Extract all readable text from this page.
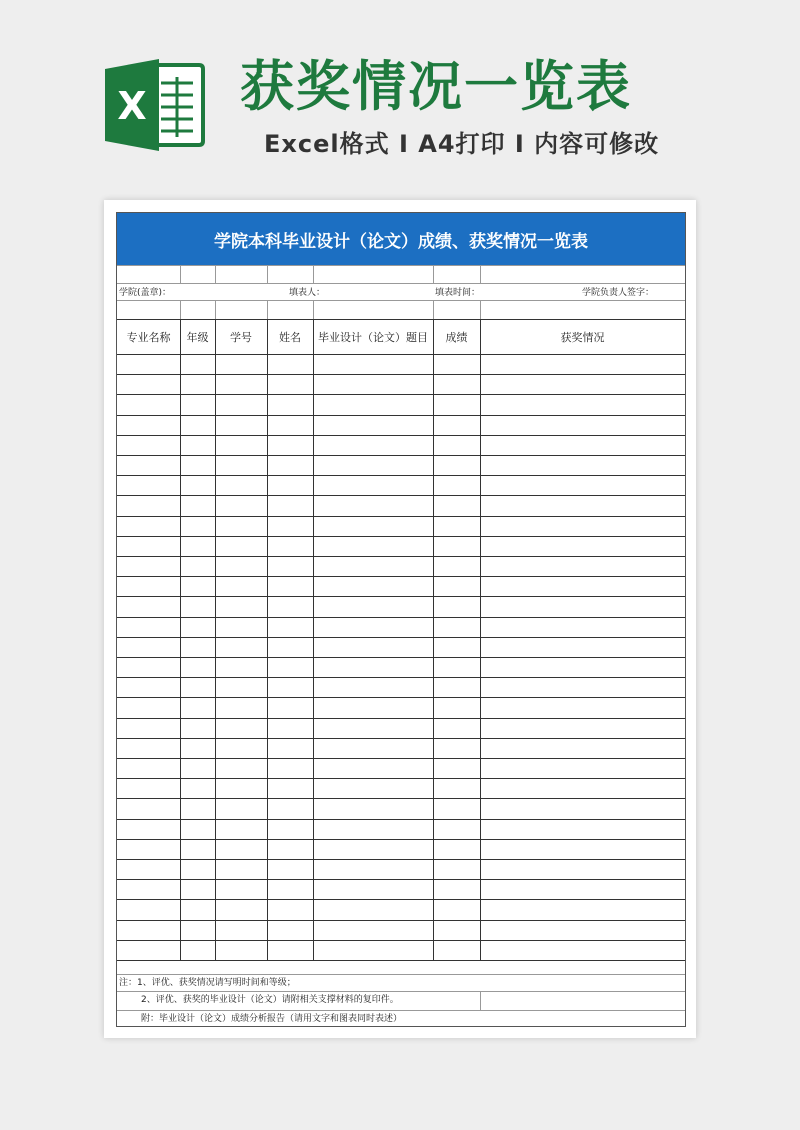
X 获奖情况一览表
Excel格式 I A4打印 I 内容可修改
学院本科毕业设计（论文）成绩、获奖情况一览表
学院(盖章)：	填表人：	填表时间：	学院负责人签字：
专业名称	年级	学号	姓名	毕业设计（论文）题目	成绩	获奖情况
注：1、评优、获奖情况请写明时间和等级；
2、评优、获奖的毕业设计（论文）请附相关支撑材料的复印件。
附：毕业设计（论文）成绩分析报告（请用文字和图表同时表述）
